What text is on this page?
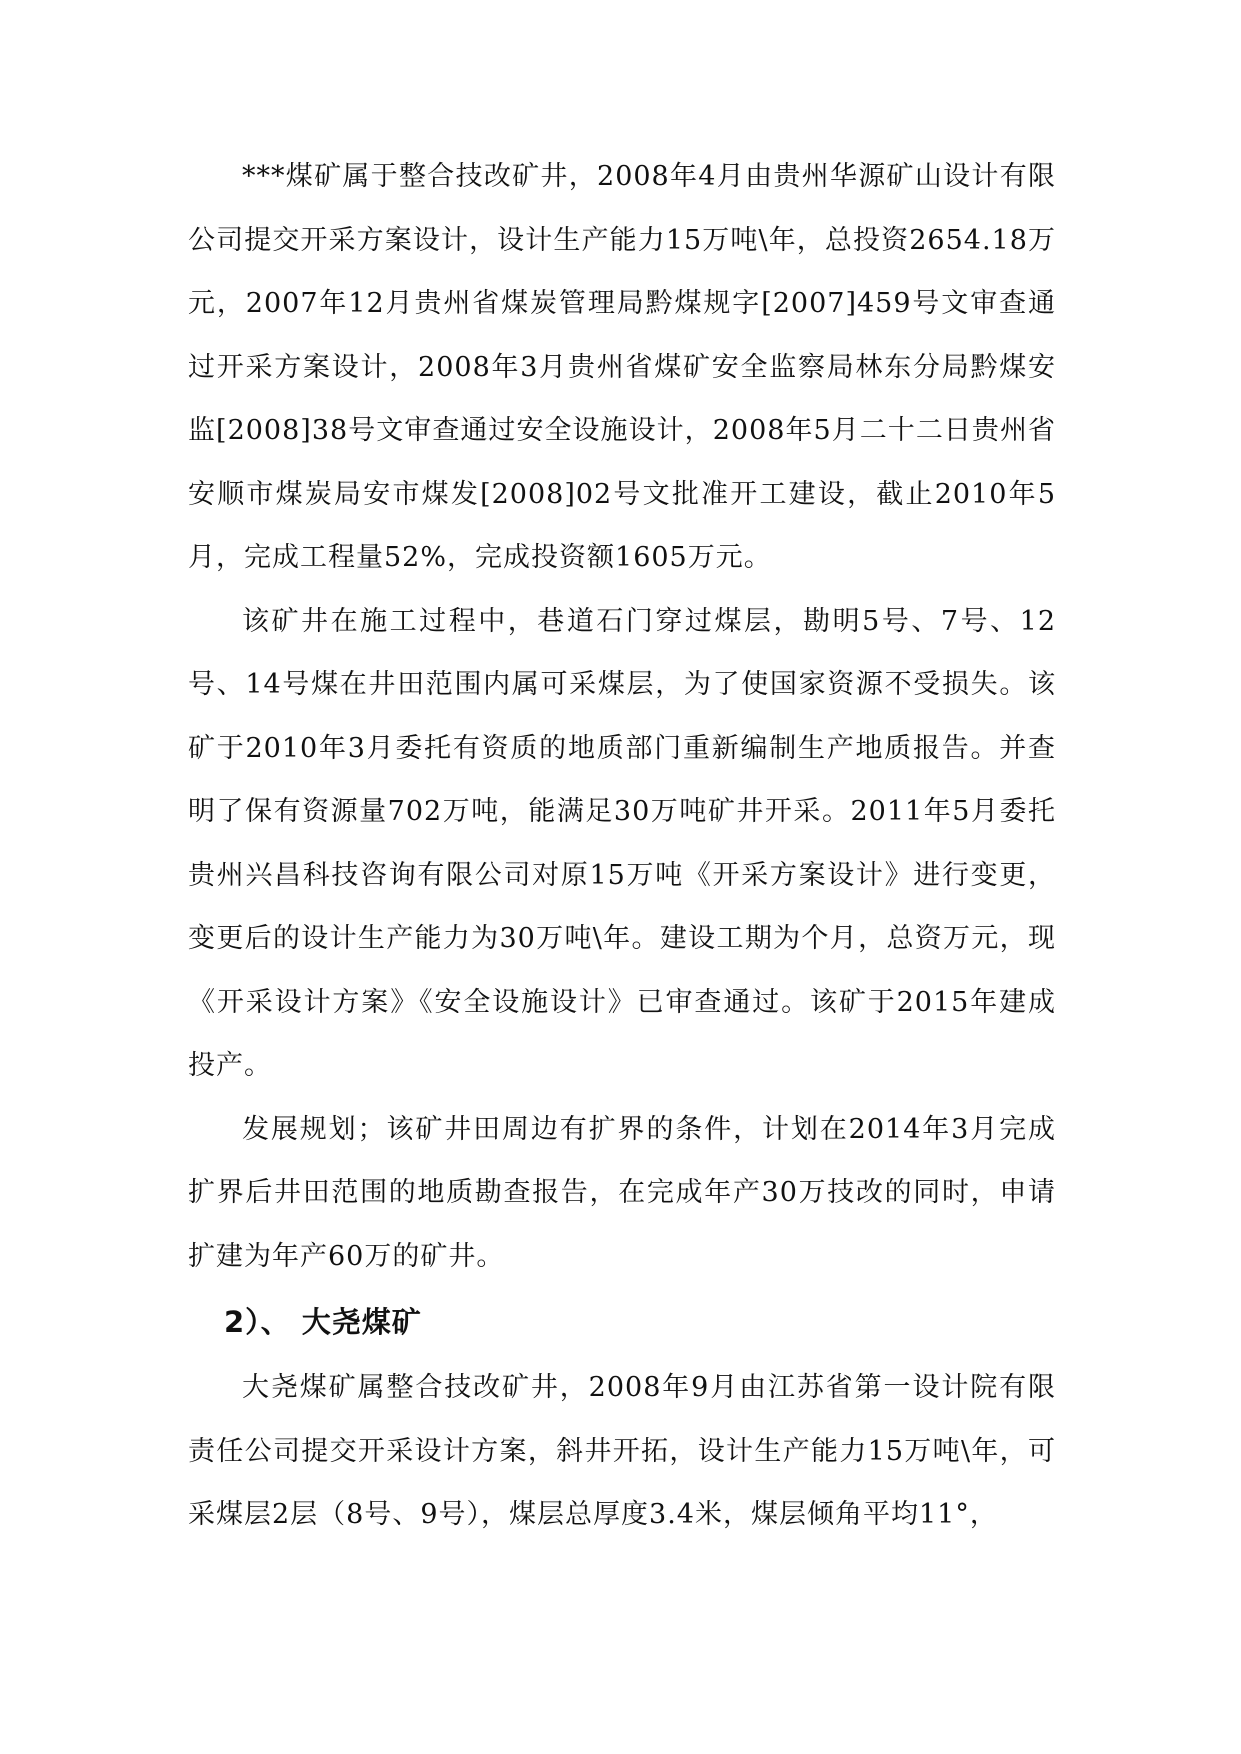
***煤矿属于整合技改矿井，2008年4月由贵州华源矿山设计有限公司提交开采方案设计，设计生产能力15万吨\年，总投资2654.18万元，2007年12月贵州省煤炭管理局黔煤规字[2007]459号文审查通过开采方案设计，2008年3月贵州省煤矿安全监察局林东分局黔煤安监[2008]38号文审查通过安全设施设计，2008年5月二十二日贵州省安顺市煤炭局安市煤发[2008]02号文批准开工建设，截止2010年5月，完成工程量52%，完成投资额1605万元。

该矿井在施工过程中，巷道石门穿过煤层，勘明5号、7号、12号、14号煤在井田范围内属可采煤层，为了使国家资源不受损失。该矿于2010年3月委托有资质的地质部门重新编制生产地质报告。并查明了保有资源量702万吨，能满足30万吨矿井开采。2011年5月委托贵州兴昌科技咨询有限公司对原15万吨《开采方案设计》进行变更，变更后的设计生产能力为30万吨\年。建设工期为个月，总资万元，现《开采设计方案》《安全设施设计》已审查通过。该矿于2015年建成投产。

发展规划；该矿井田周边有扩界的条件，计划在2014年3月完成扩界后井田范围的地质勘查报告，在完成年产30万技改的同时，申请扩建为年产60万的矿井。

2）、 大尧煤矿

大尧煤矿属整合技改矿井，2008年9月由江苏省第一设计院有限责任公司提交开采设计方案，斜井开拓，设计生产能力15万吨\年，可采煤层2层（8号、9号），煤层总厚度3.4米，煤层倾角平均11°，
